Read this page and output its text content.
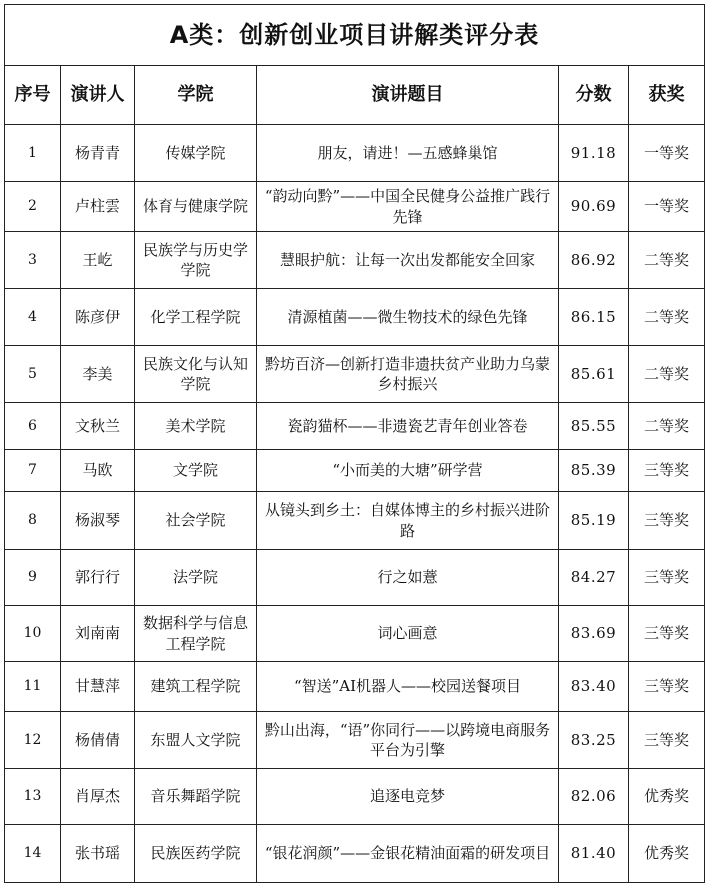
A类：创新创业项目讲解类评分表					
序号	演讲人	学院	演讲题目	分数	获奖
1	杨青青	传媒学院	朋友，请进！—五感蜂巢馆	91.18	一等奖
2	卢柱雲	体育与健康学院	“韵动向黔”——中国全民健身公益推广践行先锋	90.69	一等奖
3	王屹	民族学与历史学学院	慧眼护航：让每一次出发都能安全回家	86.92	二等奖
4	陈彦伊	化学工程学院	清源植菌——微生物技术的绿色先锋	86.15	二等奖
5	李美	民族文化与认知学院	黔坊百济—创新打造非遗扶贫产业助力乌蒙乡村振兴	85.61	二等奖
6	文秋兰	美术学院	瓷韵猫杯——非遗瓷艺青年创业答卷	85.55	二等奖
7	马欧	文学院	“小而美的大塘”研学营	85.39	三等奖
8	杨淑琴	社会学院	从镜头到乡土：自媒体博主的乡村振兴进阶路	85.19	三等奖
9	郭行行	法学院	行之如薏	84.27	三等奖
10	刘南南	数据科学与信息工程学院	词心画意	83.69	三等奖
11	甘慧萍	建筑工程学院	“智送”AI机器人——校园送餐项目	83.40	三等奖
12	杨倩倩	东盟人文学院	黔山出海，“语”你同行——以跨境电商服务平台为引擎	83.25	三等奖
13	肖厚杰	音乐舞蹈学院	追逐电竞梦	82.06	优秀奖
14	张书瑶	民族医药学院	“银花润颜”——金银花精油面霜的研发项目	81.40	优秀奖
